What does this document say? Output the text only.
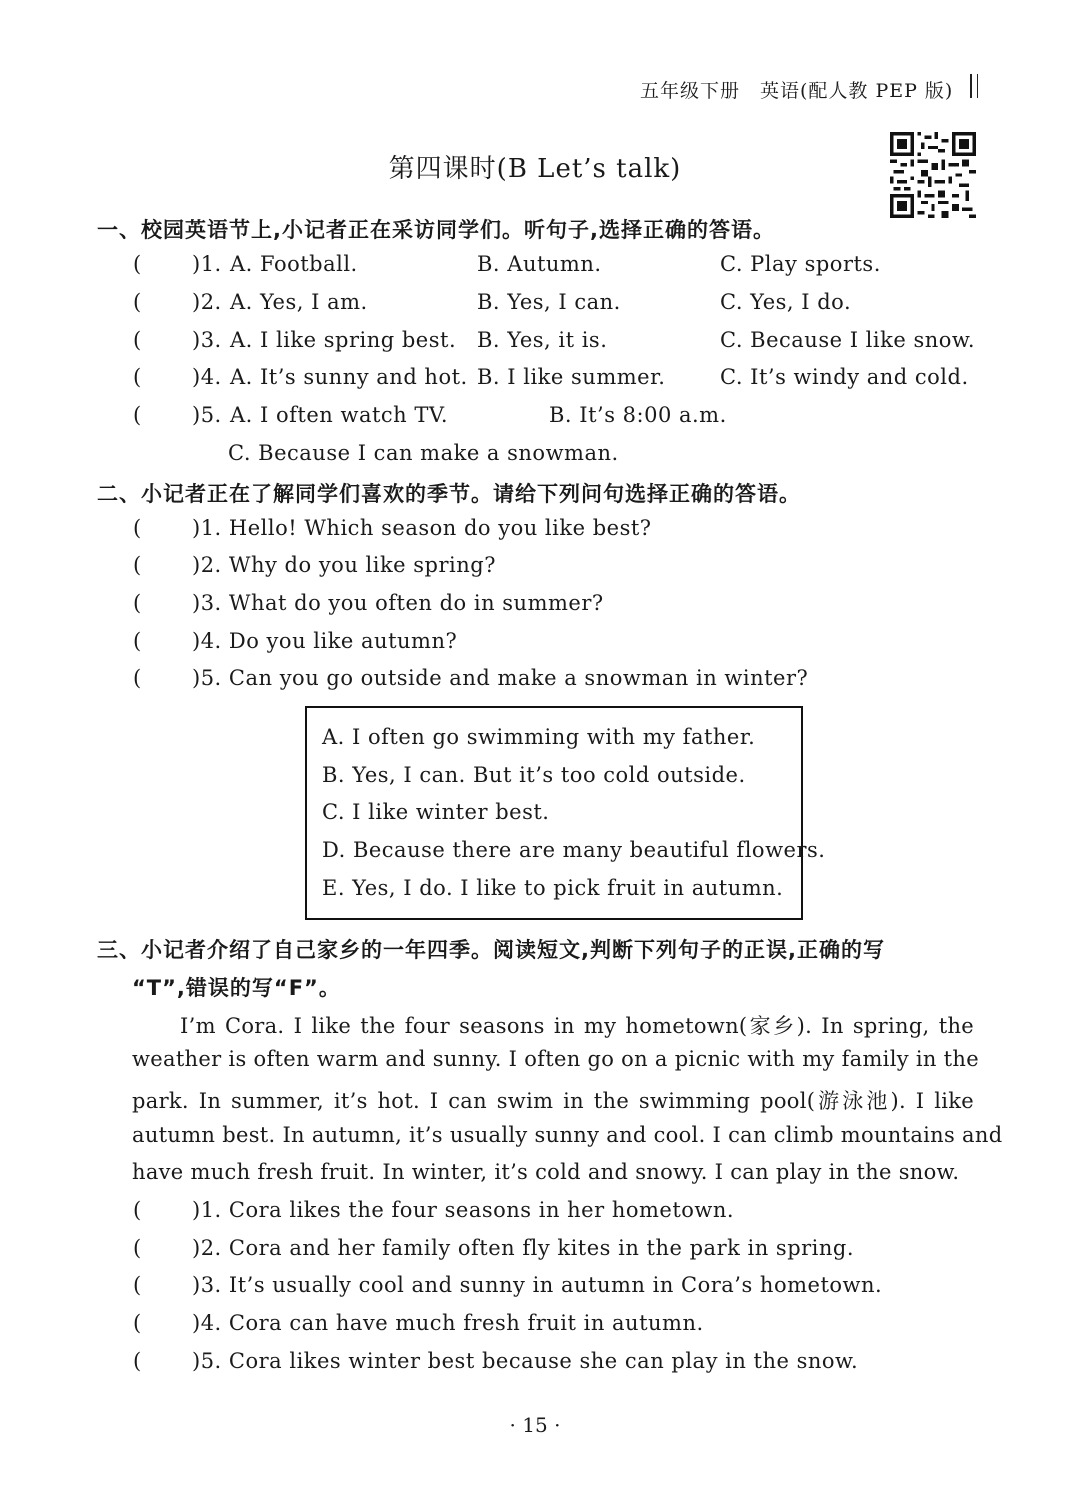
五年级下册　英语(配人教 PEP 版)
第四课时(B Let’s talk)
一、校园英语节上,小记者正在采访同学们。听句子,选择正确的答语。
( )1. A. Football.	B. Autumn.	C. Play sports.
( )2. A. Yes, I am.	B. Yes, I can.	C. Yes, I do.
( )3. A. I like spring best. B. Yes, it is.	C. Because I like snow.
( )4. A. It’s sunny and hot. B. I like summer.	C. It’s windy and cold.
( )5. A. I often watch TV.	B. It’s 8:00 a.m.
C. Because I can make a snowman.
二、小记者正在了解同学们喜欢的季节。请给下列问句选择正确的答语。
( )1. Hello! Which season do you like best?
( )2. Why do you like spring?
( )3. What do you often do in summer?
( )4. Do you like autumn?
( )5. Can you go outside and make a snowman in winter?
A. I often go swimming with my father.
B. Yes, I can. But it’s too cold outside.
C. I like winter best.
D. Because there are many beautiful flowers.
E. Yes, I do. I like to pick fruit in autumn.
三、小记者介绍了自己家乡的一年四季。阅读短文,判断下列句子的正误,正确的写
“T”,错误的写“F”。
I’m Cora. I like the four seasons in my hometown(家乡). In spring, the
weather is often warm and sunny. I often go on a picnic with my family in the
park. In summer, it’s hot. I can swim in the swimming pool(游泳池). I like
autumn best. In autumn, it’s usually sunny and cool. I can climb mountains and
have much fresh fruit. In winter, it’s cold and snowy. I can play in the snow.
( )1. Cora likes the four seasons in her hometown.
( )2. Cora and her family often fly kites in the park in spring.
( )3. It’s usually cool and sunny in autumn in Cora’s hometown.
( )4. Cora can have much fresh fruit in autumn.
( )5. Cora likes winter best because she can play in the snow.
· 15 ·
